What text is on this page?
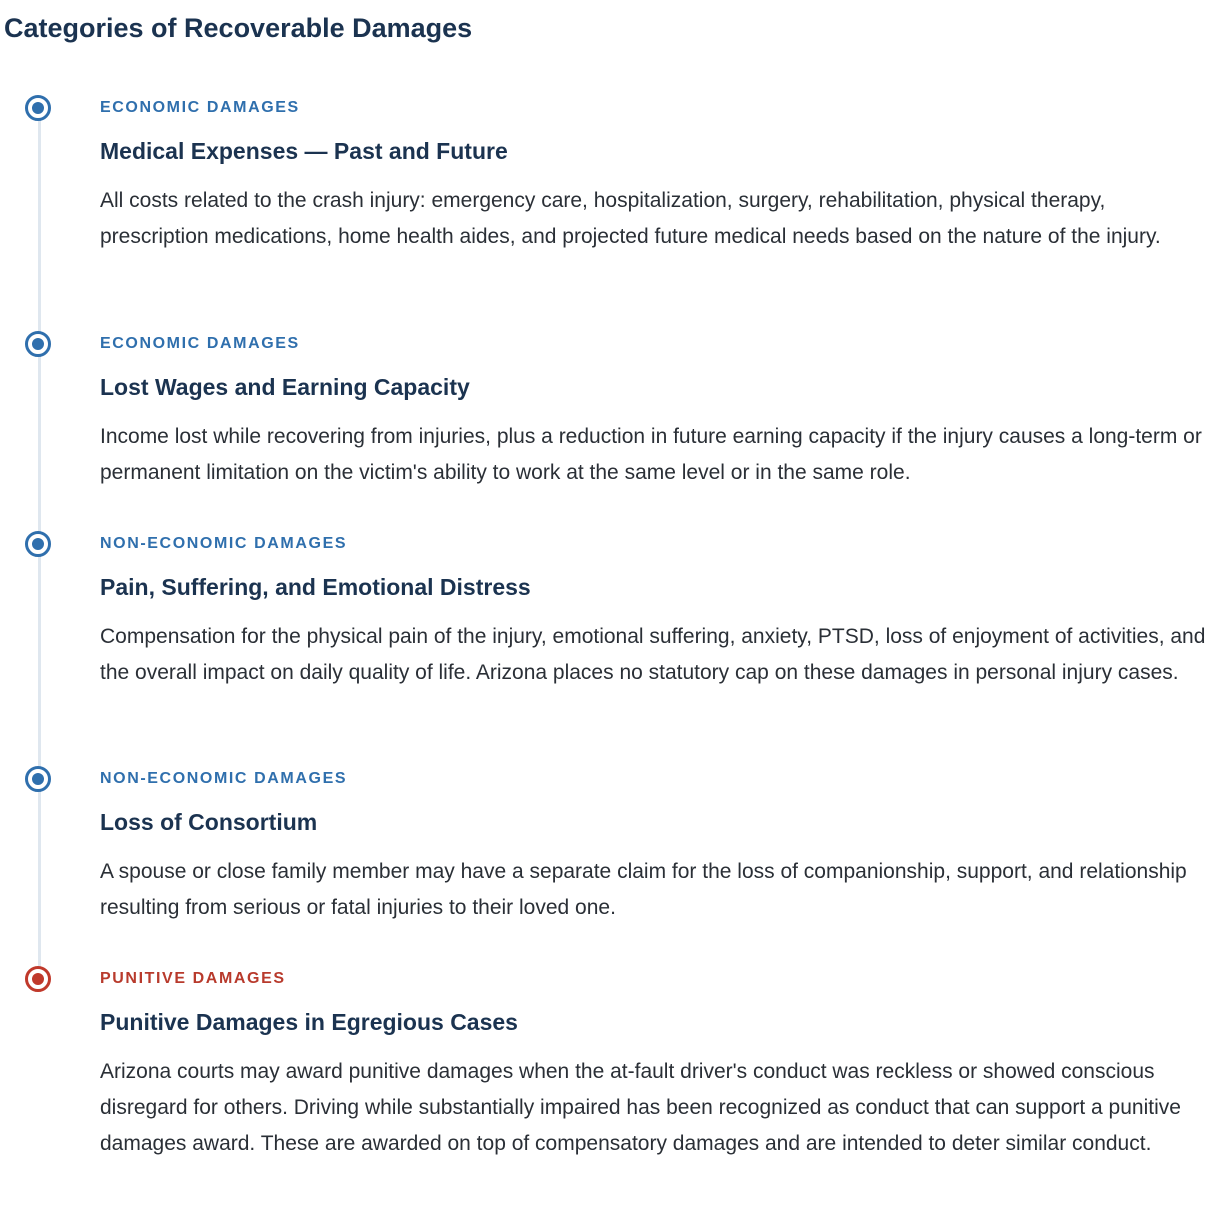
Categories of Recoverable Damages
ECONOMIC DAMAGES
Medical Expenses — Past and Future

All costs related to the crash injury: emergency care, hospitalization, surgery, rehabilitation, physical therapy, prescription medications, home health aides, and projected future medical needs based on the nature of the injury.

ECONOMIC DAMAGES
Lost Wages and Earning Capacity

Income lost while recovering from injuries, plus a reduction in future earning capacity if the injury causes a long-term or permanent limitation on the victim's ability to work at the same level or in the same role.

NON-ECONOMIC DAMAGES
Pain, Suffering, and Emotional Distress

Compensation for the physical pain of the injury, emotional suffering, anxiety, PTSD, loss of enjoyment of activities, and the overall impact on daily quality of life. Arizona places no statutory cap on these damages in personal injury cases.

NON-ECONOMIC DAMAGES
Loss of Consortium

A spouse or close family member may have a separate claim for the loss of companionship, support, and relationship resulting from serious or fatal injuries to their loved one.

PUNITIVE DAMAGES
Punitive Damages in Egregious Cases

Arizona courts may award punitive damages when the at-fault driver's conduct was reckless or showed conscious disregard for others. Driving while substantially impaired has been recognized as conduct that can support a punitive damages award. These are awarded on top of compensatory damages and are intended to deter similar conduct.
